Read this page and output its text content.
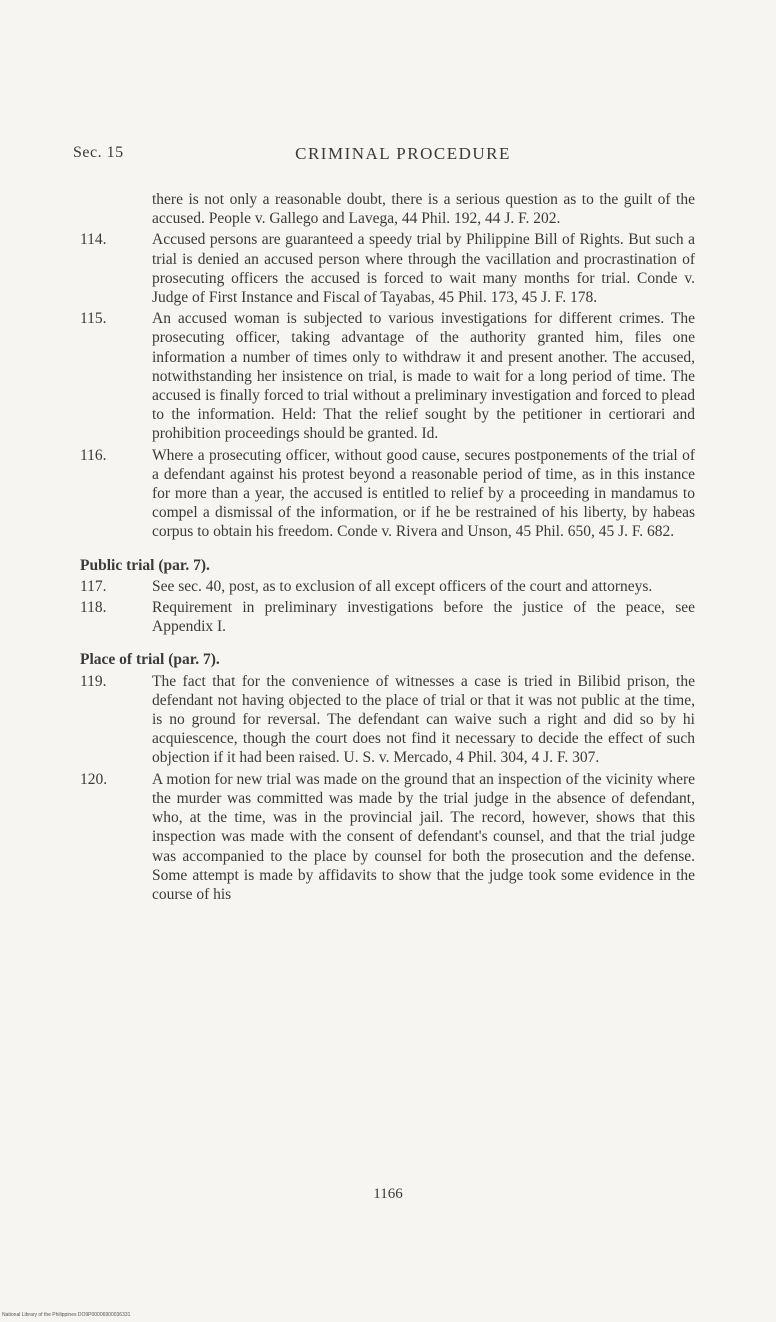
Sec. 15	CRIMINAL PROCEDURE
there is not only a reasonable doubt, there is a serious question as to the guilt of the accused. People v. Gallego and Lavega, 44 Phil. 192, 44 J. F. 202.
114.	Accused persons are guaranteed a speedy trial by Philippine Bill of Rights. But such a trial is denied an accused person where through the vacillation and procrastination of prosecuting officers the accused is forced to wait many months for trial. Conde v. Judge of First Instance and Fiscal of Tayabas, 45 Phil. 173, 45 J. F. 178.
115.	An accused woman is subjected to various investigations for different crimes. The prosecuting officer, taking advantage of the authority granted him, files one information a number of times only to withdraw it and present another. The accused, notwithstanding her insistence on trial, is made to wait for a long period of time. The accused is finally forced to trial without a preliminary investigation and forced to plead to the information. Held: That the relief sought by the petitioner in certiorari and prohibition proceedings should be granted. Id.
116.	Where a prosecuting officer, without good cause, secures postponements of the trial of a defendant against his protest beyond a reasonable period of time, as in this instance for more than a year, the accused is entitled to relief by a proceeding in mandamus to compel a dismissal of the information, or if he be restrained of his liberty, by habeas corpus to obtain his freedom. Conde v. Rivera and Unson, 45 Phil. 650, 45 J. F. 682.
Public trial (par. 7).
117.	See sec. 40, post, as to exclusion of all except officers of the court and attorneys.
118.	Requirement in preliminary investigations before the justice of the peace, see Appendix I.
Place of trial (par. 7).
119.	The fact that for the convenience of witnesses a case is tried in Bilibid prison, the defendant not having objected to the place of trial or that it was not public at the time, is no ground for reversal. The defendant can waive such a right and did so by hi acquiescence, though the court does not find it necessary to decide the effect of such objection if it had been raised. U. S. v. Mercado, 4 Phil. 304, 4 J. F. 307.
120.	A motion for new trial was made on the ground that an inspection of the vicinity where the murder was committed was made by the trial judge in the absence of defendant, who, at the time, was in the provincial jail. The record, however, shows that this inspection was made with the consent of defendant's counsel, and that the trial judge was accompanied to the place by counsel for both the prosecution and the defense. Some attempt is made by affidavits to show that the judge took some evidence in the course of his
1166
National Library of the Philippines DO9P00006900036331
